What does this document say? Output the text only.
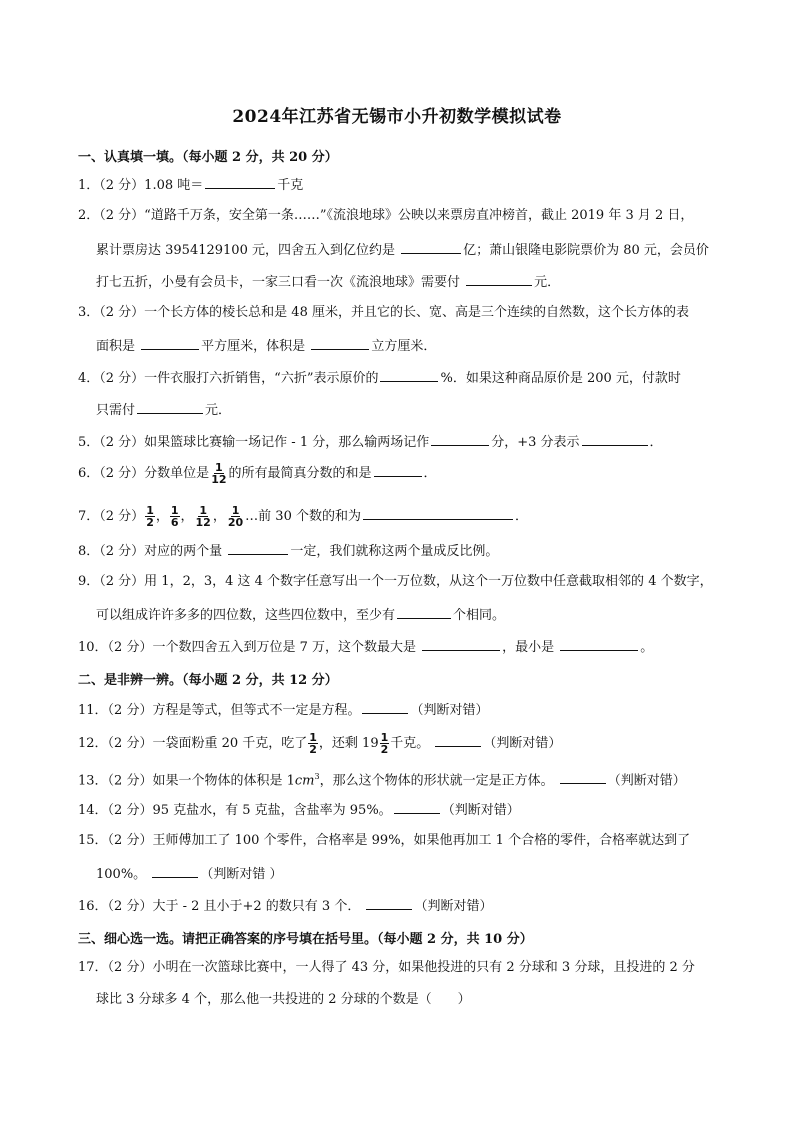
2024年江苏省无锡市小升初数学模拟试卷
一、认真填一填。（每小题 2 分，共 20 分）
1．（2 分）1.08 吨＝	千克
2．（2 分）“道路千万条，安全第一条……”《流浪地球》公映以来票房直冲榜首，截止 2019 年 3 月 2 日，
累计票房达 3954129100 元，四舍五入到亿位约是	亿；萧山银隆电影院票价为 80 元，会员价
打七五折，小曼有会员卡，一家三口看一次《流浪地球》需要付	元．
3．（2 分）一个长方体的棱长总和是 48 厘米，并且它的长、宽、高是三个连续的自然数，这个长方体的表
面积是	平方厘米，体积是	立方厘米．
4．（2 分）一件衣服打六折销售，“六折”表示原价的	%．如果这种商品原价是 200 元，付款时
只需付	元．
5．（2 分）如果篮球比赛输一场记作 - 1 分，那么输两场记作	分，+3 分表示	．
6．（2 分）分数单位是 $\frac{1}{12}$ 的所有最简真分数的和是	．
7．（2 分） $\frac{1}{2}$ ， $\frac{1}{6}$ ， $\frac{1}{12}$ ， $\frac{1}{20}$ …前 30 个数的和为	．
8．（2 分）对应的两个量	一定，我们就称这两个量成反比例。
9．（2 分）用 1，2，3，4 这 4 个数字任意写出一个一万位数，从这个一万位数中任意截取相邻的 4 个数字，
可以组成许许多多的四位数，这些四位数中，至少有	个相同。
10．（2 分）一个数四舍五入到万位是 7 万，这个数最大是	，最小是	。
二、是非辨一辨。（每小题 2 分，共 12 分）
11．（2 分）方程是等式，但等式不一定是方程。	（判断对错）
12．（2 分）一袋面粉重 20 千克，吃了 $\frac{1}{2}$ ，还剩 $19 \frac{1}{2}$ 千克。	（判断对错）
13．（2 分）如果一个物体的体积是 $1cm^3$，那么这个物体的形状就一定是正方体。	（判断对错）
14．（2 分）95 克盐水，有 5 克盐，含盐率为 95%。	（判断对错）
15．（2 分）王师傅加工了 100 个零件，合格率是 99%，如果他再加工 1 个合格的零件，合格率就达到了
100%。	（判断对错 ）
16．（2 分）大于 - 2 且小于+2 的数只有 3 个．	（判断对错）
三、细心选一选。请把正确答案的序号填在括号里。（每小题 2 分，共 10 分）
17．（2 分）小明在一次篮球比赛中，一人得了 43 分，如果他投进的只有 2 分球和 3 分球，且投进的 2 分
球比 3 分球多 4 个，那么他一共投进的 2 分球的个数是（　　）
